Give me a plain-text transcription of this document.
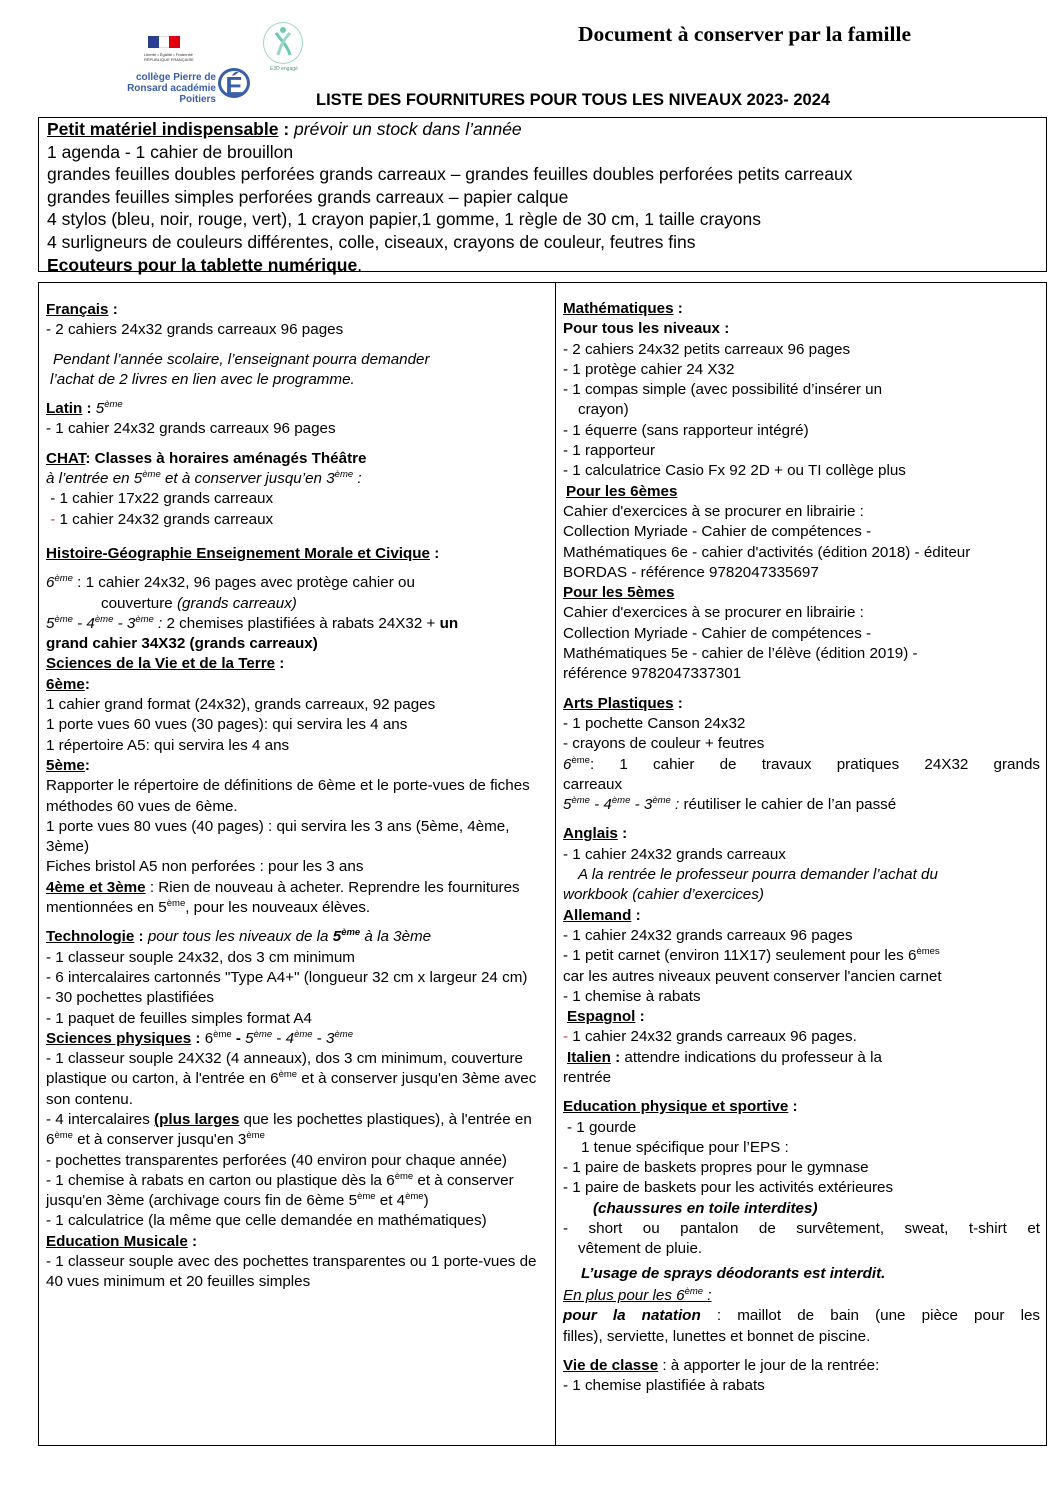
Liberté • Égalité • Fraternité RÉPUBLIQUE FRANÇAISE
collège Pierre de Ronsard académie Poitiers É
E3D engagé
Document à conserver par la famille
LISTE DES FOURNITURES POUR TOUS LES NIVEAUX 2023- 2024

Petit matériel indispensable : prévoir un stock dans l’année

1 agenda - 1 cahier de brouillon

grandes feuilles doubles perforées grands carreaux – grandes feuilles doubles perforées petits carreaux

grandes feuilles simples perforées grands carreaux – papier calque

4 stylos (bleu, noir, rouge, vert), 1 crayon papier,1 gomme, 1 règle de 30 cm, 1 taille crayons

4 surligneurs de couleurs différentes, colle, ciseaux, crayons de couleur, feutres fins

Ecouteurs pour la tablette numérique.

Français :

- 2 cahiers 24x32 grands carreaux 96 pages

Pendant l’année scolaire, l’enseignant pourra demander

l’achat de 2 livres en lien avec le programme.

Latin : 5ème

- 1 cahier 24x32 grands carreaux 96 pages

CHAT: Classes à horaires aménagés Théâtre

à l’entrée en 5ème et à conserver jusqu’en 3ème :

- 1 cahier 17x22 grands carreaux

- 1 cahier 24x32 grands carreaux

Histoire-Géographie Enseignement Morale et Civique :

6ème : 1 cahier 24x32, 96 pages avec protège cahier ou

couverture (grands carreaux)

5ème - 4ème - 3ème : 2 chemises plastifiées à rabats 24X32 + un

grand cahier 34X32 (grands carreaux)

Sciences de la Vie et de la Terre :

6ème:

1 cahier grand format (24x32), grands carreaux, 92 pages

1 porte vues 60 vues (30 pages): qui servira les 4 ans

1 répertoire A5: qui servira les 4 ans

5ème:

Rapporter le répertoire de définitions de 6ème et le porte-vues de fiches méthodes 60 vues de 6ème.

1 porte vues 80 vues (40 pages) : qui servira les 3 ans (5ème, 4ème, 3ème)

Fiches bristol A5 non perforées : pour les 3 ans

4ème et 3ème : Rien de nouveau à acheter. Reprendre les fournitures mentionnées en 5ème, pour les nouveaux élèves.

Technologie : pour tous les niveaux de la 5ème à la 3ème

- 1 classeur souple 24x32, dos 3 cm minimum

- 6 intercalaires cartonnés "Type A4+" (longueur 32 cm x largeur 24 cm)

- 30 pochettes plastifiées

- 1 paquet de feuilles simples format A4

Sciences physiques : 6ème - 5ème - 4ème - 3ème

- 1 classeur souple 24X32 (4 anneaux), dos 3 cm minimum, couverture plastique ou carton, à l'entrée en 6ème et à conserver jusqu'en 3ème avec son contenu.

- 4 intercalaires (plus larges que les pochettes plastiques), à l'entrée en 6ème et à conserver jusqu'en 3ème

- pochettes transparentes perforées (40 environ pour chaque année)

- 1 chemise à rabats en carton ou plastique dès la 6ème et à conserver jusqu'en 3ème (archivage cours fin de 6ème 5ème et 4ème)

- 1 calculatrice (la même que celle demandée en mathématiques)

Education Musicale :

- 1 classeur souple avec des pochettes transparentes ou 1 porte-vues de 40 vues minimum et 20 feuilles simples

Mathématiques :

Pour tous les niveaux :

- 2 cahiers 24x32 petits carreaux 96 pages

- 1 protège cahier 24 X32

- 1 compas simple (avec possibilité d’insérer un

crayon)

- 1 équerre (sans rapporteur intégré)

- 1 rapporteur

- 1 calculatrice Casio Fx 92 2D + ou TI collège plus

Pour les 6èmes

Cahier d'exercices à se procurer en librairie :

Collection Myriade - Cahier de compétences -

Mathématiques 6e - cahier d'activités (édition 2018) - éditeur

BORDAS - référence 9782047335697

Pour les 5èmes

Cahier d'exercices à se procurer en librairie :

Collection Myriade - Cahier de compétences -

Mathématiques 5e - cahier de l’élève (édition 2019) -

référence 9782047337301

Arts Plastiques :

- 1 pochette Canson 24x32

- crayons de couleur + feutres

6ème: 1 cahier de travaux pratiques 24X32 grands

carreaux

5ème - 4ème - 3ème : réutiliser le cahier de l’an passé

Anglais :

- 1 cahier 24x32 grands carreaux

A la rentrée le professeur pourra demander l’achat du

workbook (cahier d’exercices)

Allemand :

- 1 cahier 24x32 grands carreaux 96 pages

- 1 petit carnet (environ 11X17) seulement pour les 6èmes

car les autres niveaux peuvent conserver l'ancien carnet

- 1 chemise à rabats

Espagnol :

- 1 cahier 24x32 grands carreaux 96 pages.

Italien : attendre indications du professeur à la

rentrée

Education physique et sportive :

- 1 gourde

1 tenue spécifique pour l’EPS :

- 1 paire de baskets propres pour le gymnase

- 1 paire de baskets pour les activités extérieures

(chaussures en toile interdites)

- short ou pantalon de survêtement, sweat, t-shirt et

vêtement de pluie.

L’usage de sprays déodorants est interdit.

En plus pour les 6ème :

pour la natation : maillot de bain (une pièce pour les

filles), serviette, lunettes et bonnet de piscine.

Vie de classe : à apporter le jour de la rentrée:

- 1 chemise plastifiée à rabats
